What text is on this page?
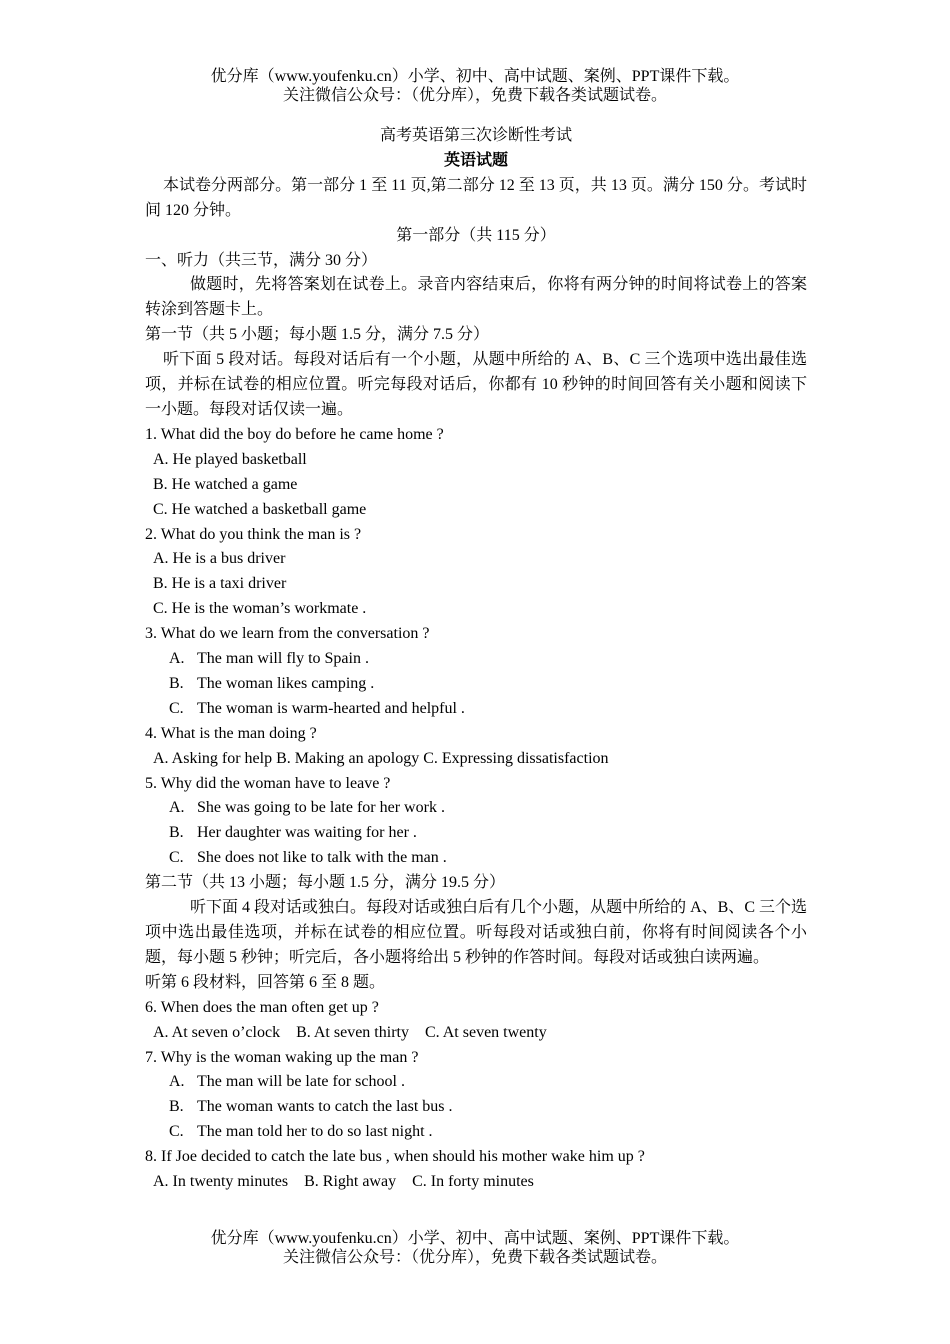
优分库（www.youfenku.cn）小学、初中、高中试题、案例、PPT课件下载。
关注微信公众号：（优分库），免费下载各类试题试卷。
高考英语第三次诊断性考试
英语试题
本试卷分两部分。第一部分 1 至 11 页,第二部分 12 至 13 页，共 13 页。满分 150 分。考试时间 120 分钟。
第一部分（共 115 分）
一、听力（共三节，满分 30 分）
做题时，先将答案划在试卷上。录音内容结束后，你将有两分钟的时间将试卷上的答案转涂到答题卡上。
第一节（共 5 小题；每小题 1.5 分，满分 7.5 分）
听下面 5 段对话。每段对话后有一个小题，从题中所给的 A、B、C 三个选项中选出最佳选项，并标在试卷的相应位置。听完每段对话后，你都有 10 秒钟的时间回答有关小题和阅读下一小题。每段对话仅读一遍。
1. What did the boy do before he came home ?
A. He played basketball
B. He watched a game
C. He watched a basketball game
2. What do you think the man is ?
A. He is a bus driver
B. He is a taxi driver
C. He is the woman’s workmate .
3. What do we learn from the conversation ?
A. The man will fly to Spain .
B. The woman likes camping .
C. The woman is warm-hearted and helpful .
4. What is the man doing ?
A. Asking for help B. Making an apology C. Expressing dissatisfaction
5. Why did the woman have to leave ?
A. She was going to be late for her work .
B. Her daughter was waiting for her .
C. She does not like to talk with the man .
第二节（共 13 小题；每小题 1.5 分，满分 19.5 分）
听下面 4 段对话或独白。每段对话或独白后有几个小题，从题中所给的 A、B、C 三个选项中选出最佳选项，并标在试卷的相应位置。听每段对话或独白前，你将有时间阅读各个小题，每小题 5 秒钟；听完后，各小题将给出 5 秒钟的作答时间。每段对话或独白读两遍。
听第 6 段材料，回答第 6 至 8 题。
6. When does the man often get up ?
A. At seven o’clock    B. At seven thirty    C. At seven twenty
7. Why is the woman waking up the man ?
A. The man will be late for school .
B. The woman wants to catch the last bus .
C. The man told her to do so last night .
8. If Joe decided to catch the late bus , when should his mother wake him up ?
A. In twenty minutes    B. Right away    C. In forty minutes
优分库（www.youfenku.cn）小学、初中、高中试题、案例、PPT课件下载。
关注微信公众号：（优分库），免费下载各类试题试卷。
